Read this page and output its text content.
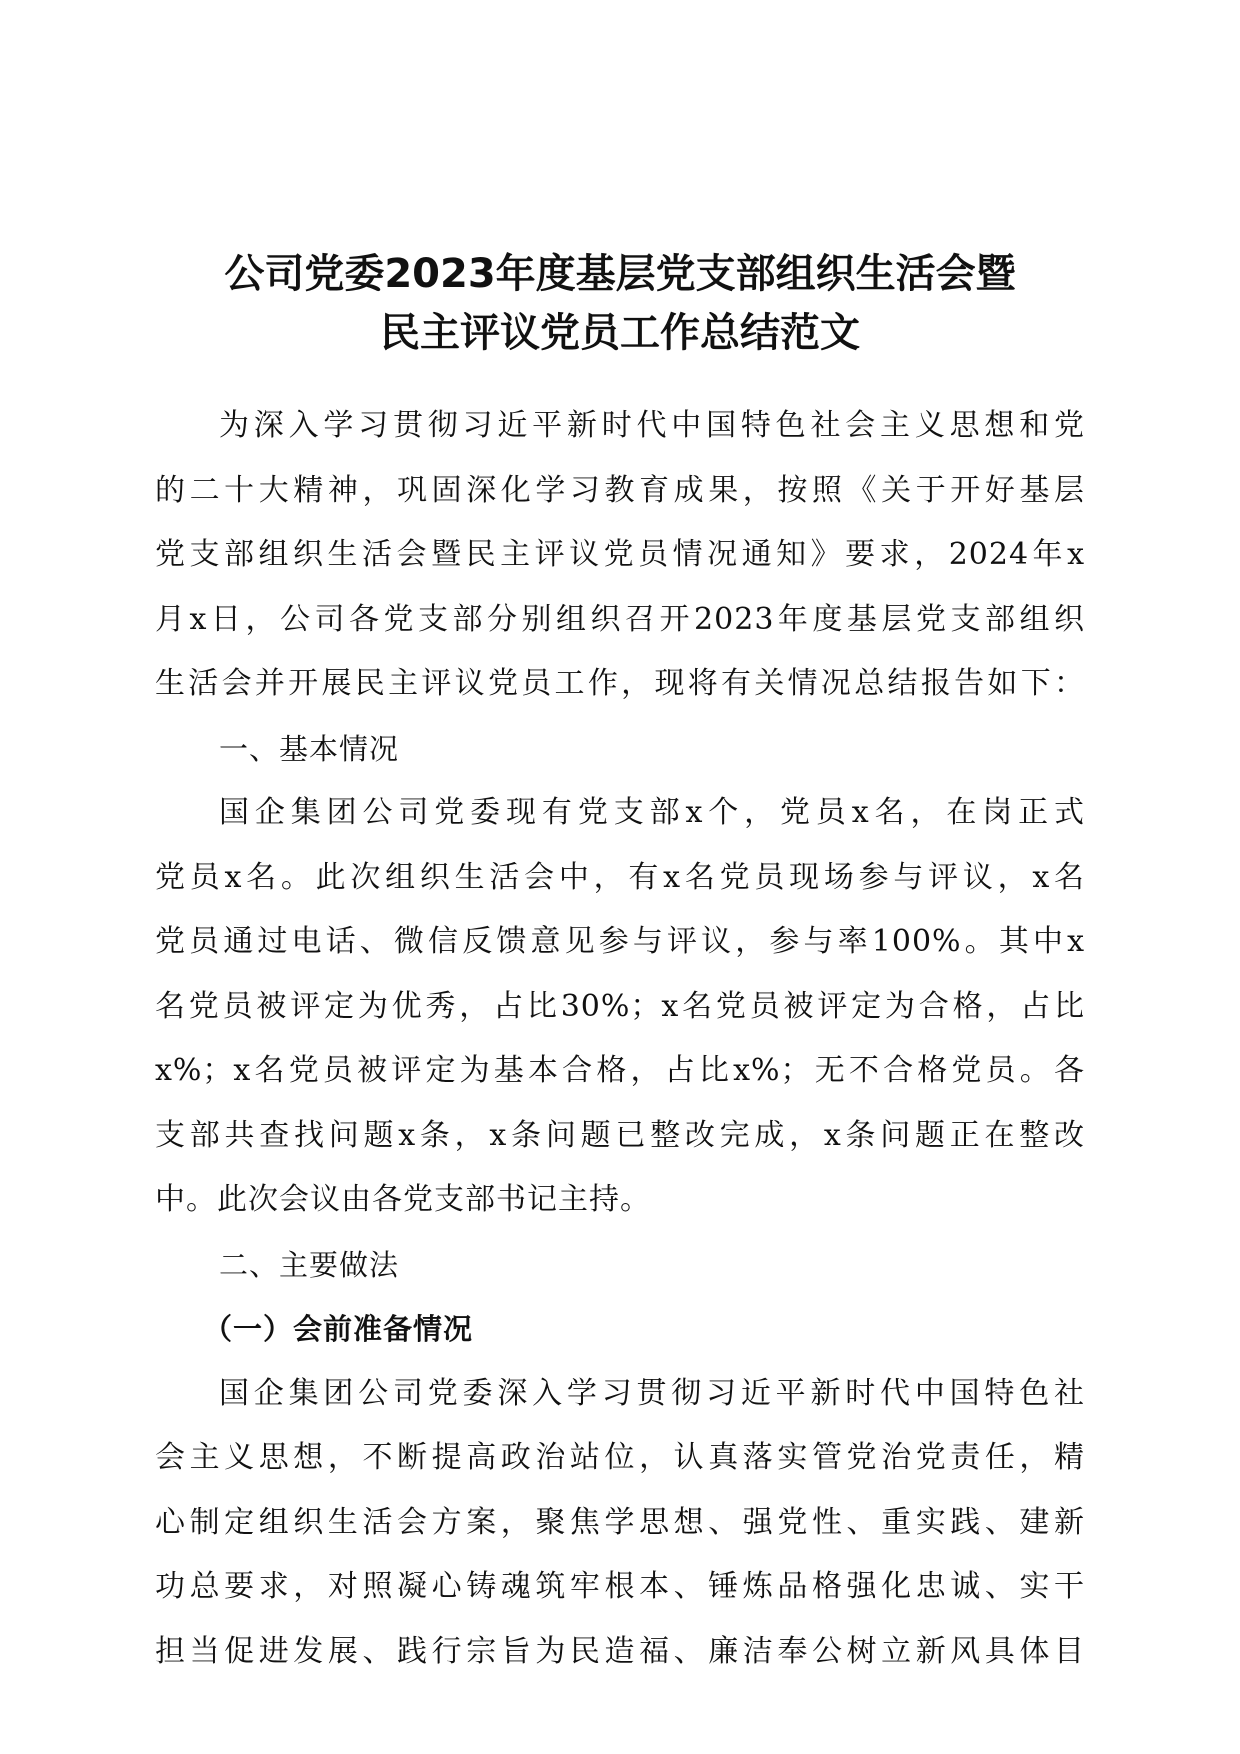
公司党委2023年度基层党支部组织生活会暨
民主评议党员工作总结范文
为深入学习贯彻习近平新时代中国特色社会主义思想和党
的二十大精神，巩固深化学习教育成果，按照《关于开好基层
党支部组织生活会暨民主评议党员情况通知》要求，2024年x
月x日，公司各党支部分别组织召开2023年度基层党支部组织
生活会并开展民主评议党员工作，现将有关情况总结报告如下：
一、基本情况
国企集团公司党委现有党支部x个，党员x名，在岗正式
党员x名。此次组织生活会中，有x名党员现场参与评议，x名
党员通过电话、微信反馈意见参与评议，参与率100%。其中x
名党员被评定为优秀，占比30%；x名党员被评定为合格，占比
x%；x名党员被评定为基本合格，占比x%；无不合格党员。各
支部共查找问题x条，x条问题已整改完成，x条问题正在整改
中。此次会议由各党支部书记主持。
二、主要做法
（一）会前准备情况
国企集团公司党委深入学习贯彻习近平新时代中国特色社
会主义思想，不断提高政治站位，认真落实管党治党责任，精
心制定组织生活会方案，聚焦学思想、强党性、重实践、建新
功总要求，对照凝心铸魂筑牢根本、锤炼品格强化忠诚、实干
担当促进发展、践行宗旨为民造福、廉洁奉公树立新风具体目
